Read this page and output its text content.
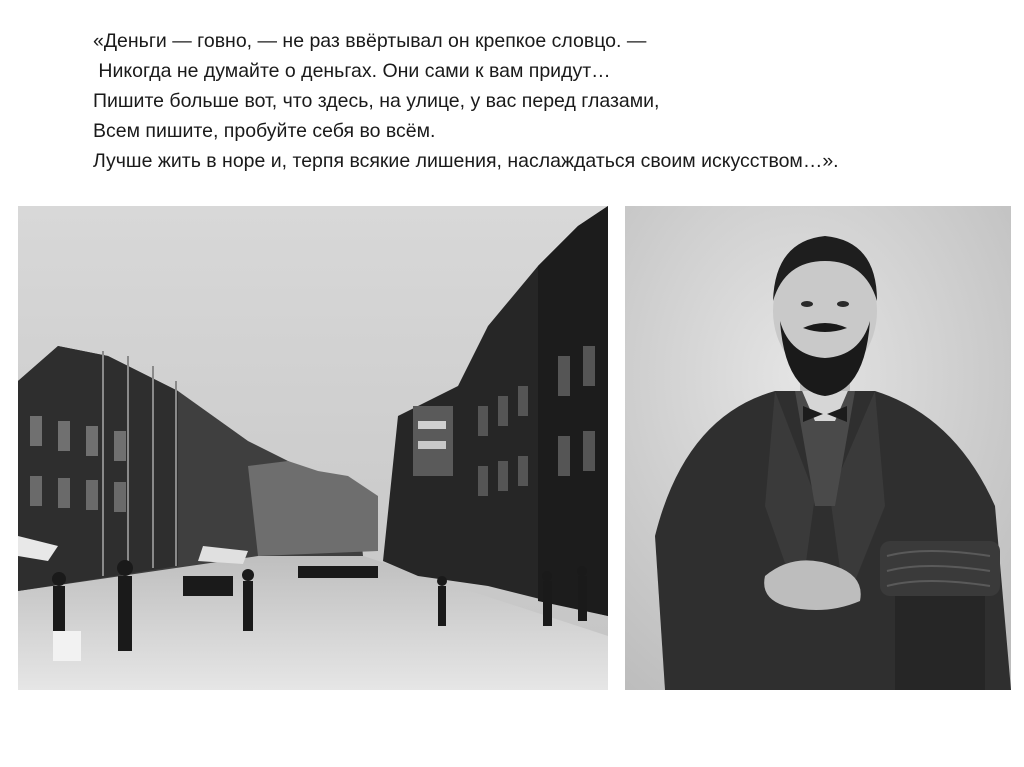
«Деньги — говно, — не раз ввёртывал он крепкое словцо. —
Никогда не думайте о деньгах. Они сами к вам придут…
Пишите больше вот, что здесь, на улице, у вас перед глазами,
Всем пишите, пробуйте себя во всём.
Лучше жить в норе и, терпя всякие лишения, наслаждаться своим искусством…».
